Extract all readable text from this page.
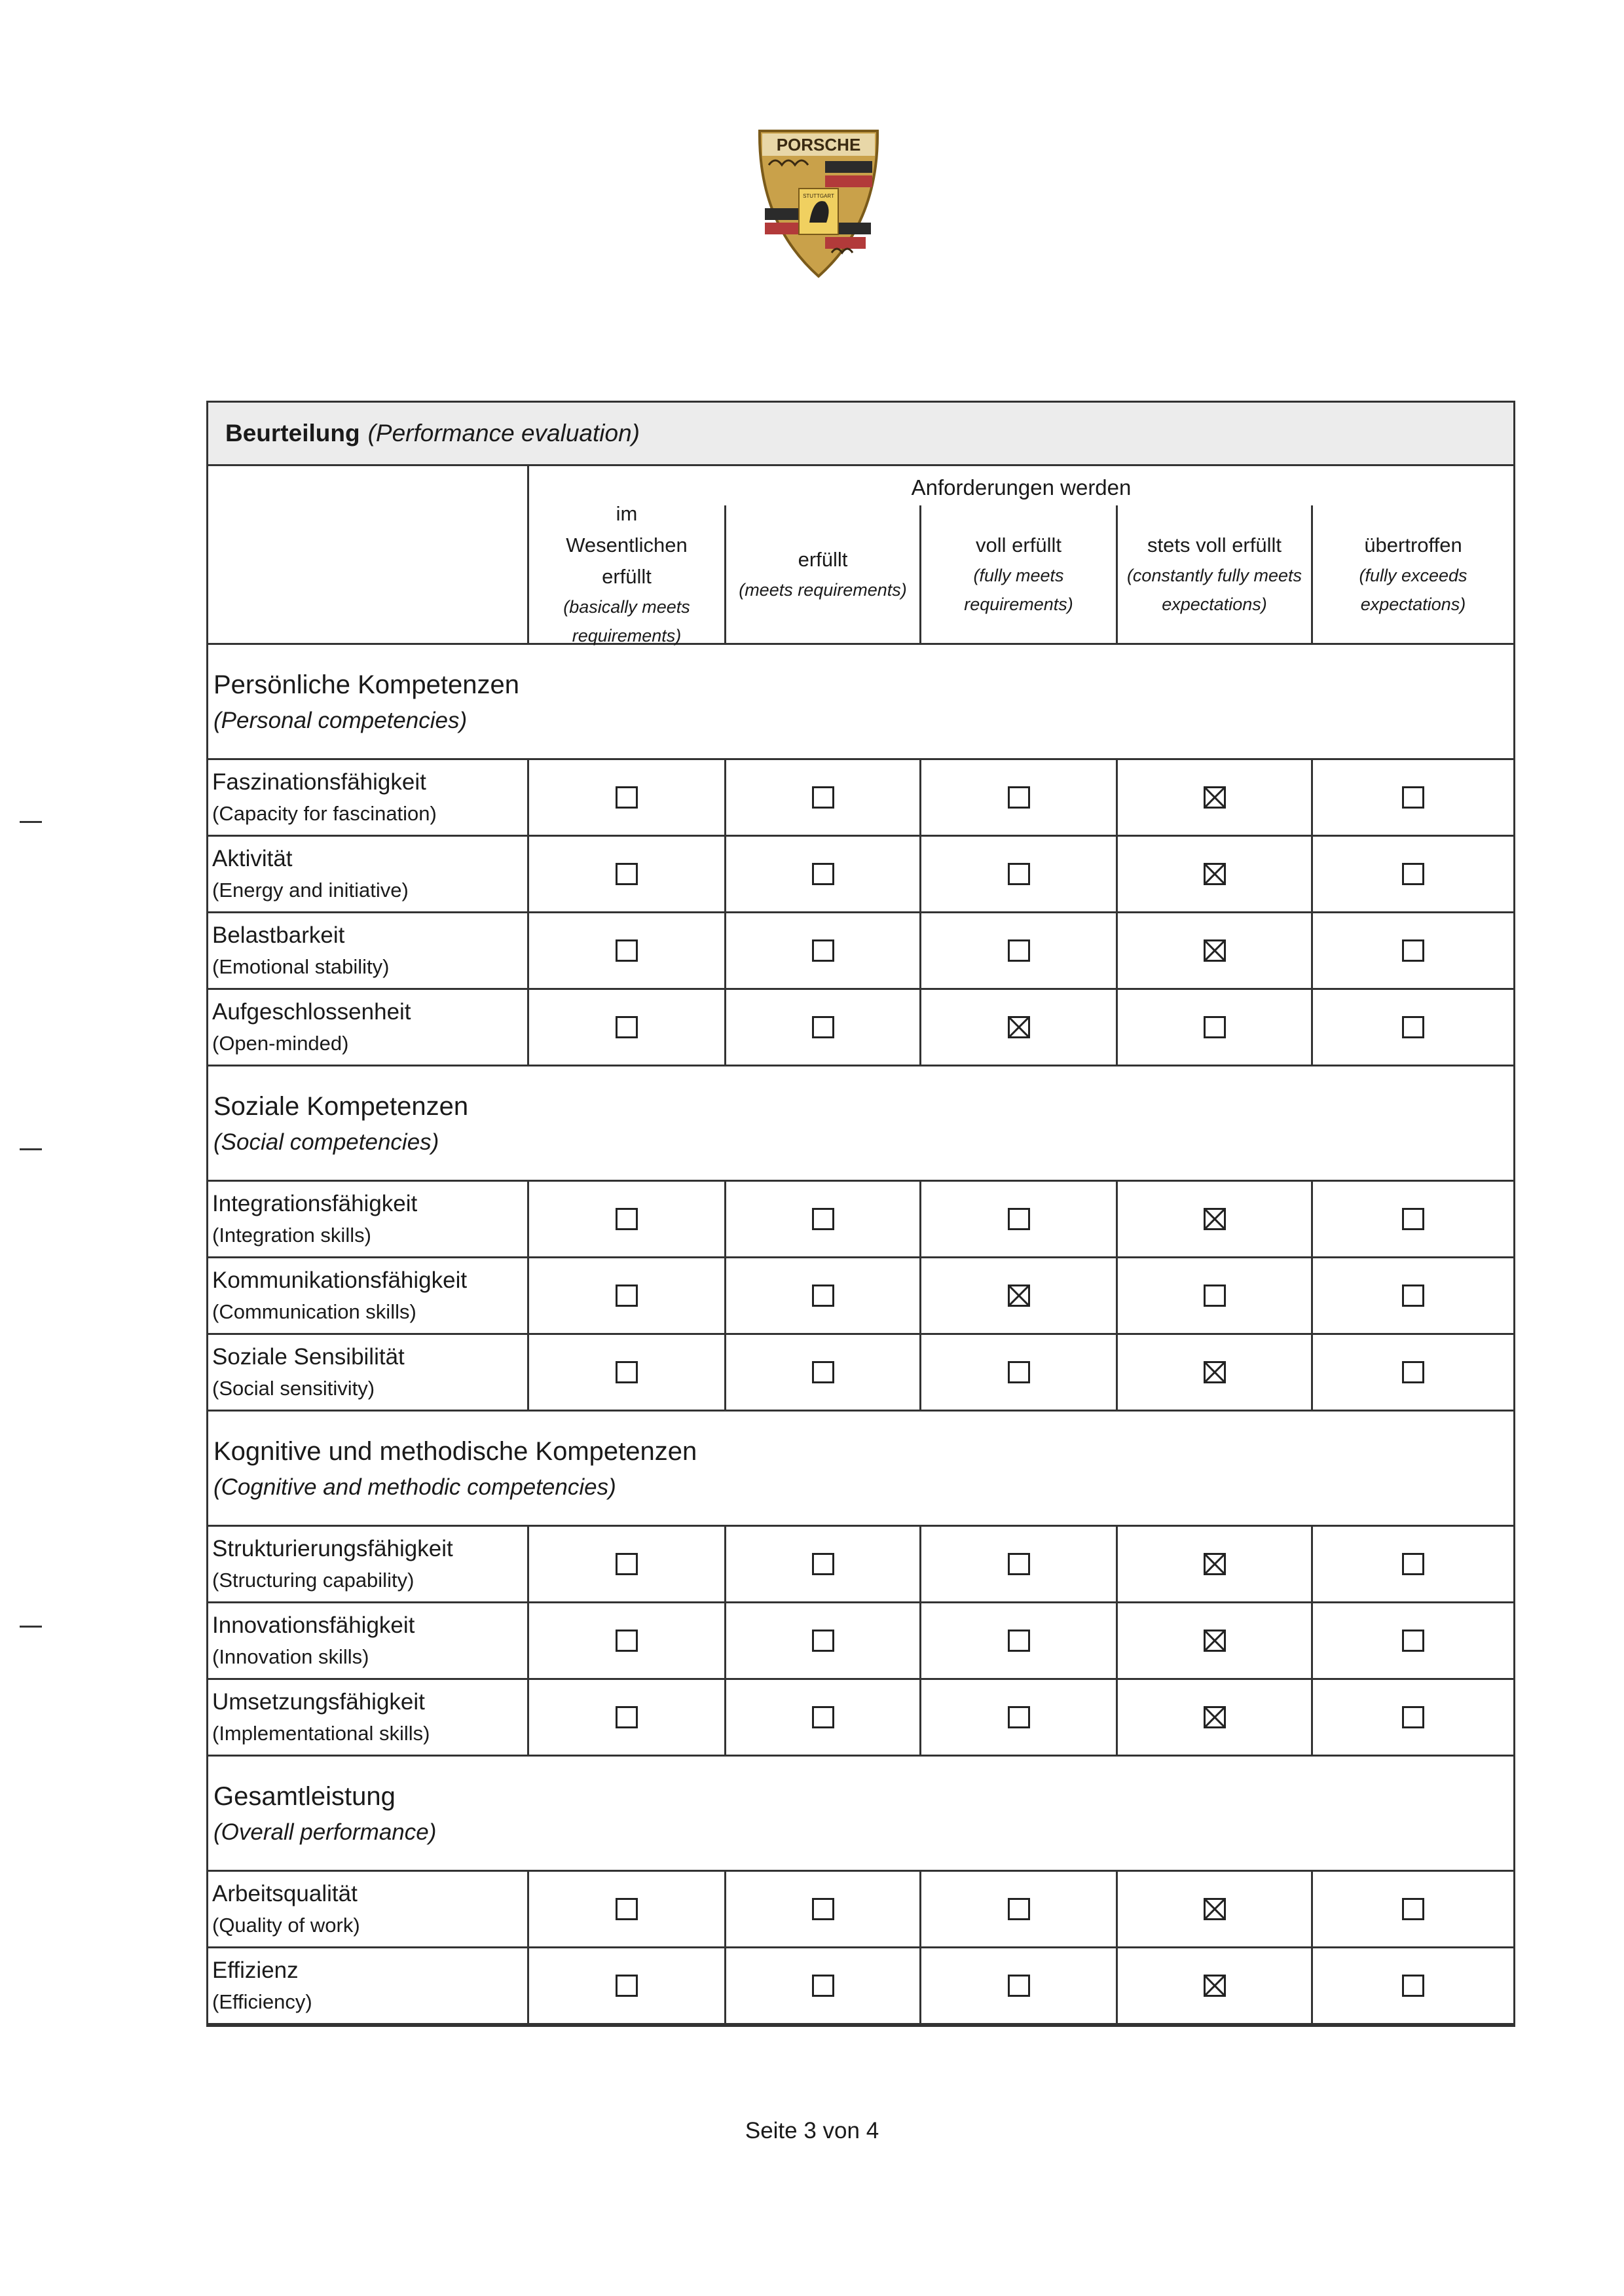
PORSCHE
STUTTGART
Beurteilung (Performance evaluation)
Anforderungen werden
im Wesentlichen erfüllt
(basically meets requirements)
erfüllt
(meets requirements)
voll erfüllt
(fully meets requirements)
stets voll erfüllt
(constantly fully meets expectations)
übertroffen
(fully exceeds expectations)
Persönliche Kompetenzen
(Personal competencies)
Faszinationsfähigkeit
(Capacity for fascination)
Aktivität
(Energy and initiative)
Belastbarkeit
(Emotional stability)
Aufgeschlossenheit
(Open-minded)
Soziale Kompetenzen
(Social competencies)
Integrationsfähigkeit
(Integration skills)
Kommunikationsfähigkeit
(Communication skills)
Soziale Sensibilität
(Social sensitivity)
Kognitive und methodische Kompetenzen
(Cognitive and methodic competencies)
Strukturierungsfähigkeit
(Structuring capability)
Innovationsfähigkeit
(Innovation skills)
Umsetzungsfähigkeit
(Implementational skills)
Gesamtleistung
(Overall performance)
Arbeitsqualität
(Quality of work)
Effizienz
(Efficiency)
Seite 3 von 4
